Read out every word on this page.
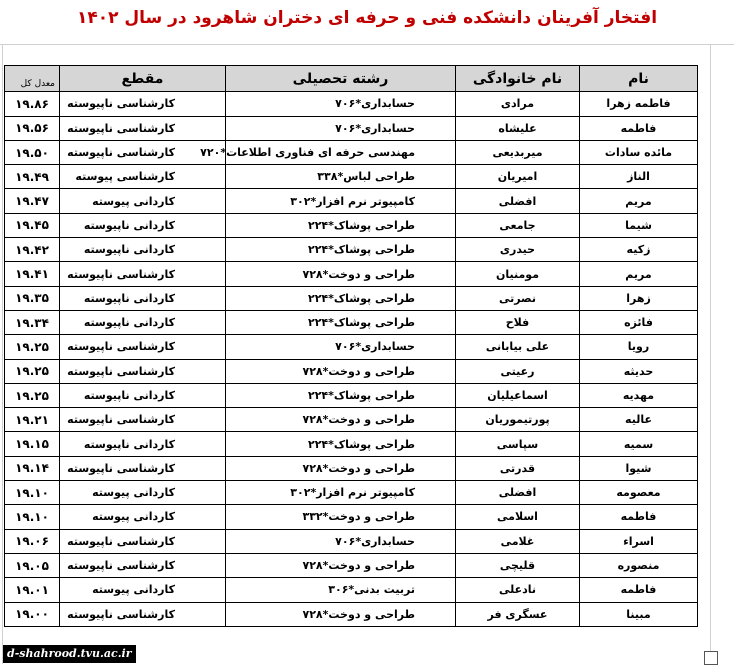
افتخار آفرینان دانشکده فنی و حرفه ای دختران شاهرود در سال ۱۴۰۲
نام	نام خانوادگی	رشته تحصیلی	مقطع	معدل کل
فاطمه زهرا	مرادی	حسابداری*۷۰۶	کارشناسی ناپیوسته	۱۹.۸۶
فاطمه	علیشاه	حسابداری*۷۰۶	کارشناسی ناپیوسته	۱۹.۵۶
مائده سادات	میربدیعی	مهندسی حرفه ای فناوری اطلاعات*۷۲۰	کارشناسی ناپیوسته	۱۹.۵۰
الناز	امیریان	طراحی لباس*۳۳۸	کارشناسی پیوسته	۱۹.۴۹
مریم	افضلی	کامپیوتر نرم افزار*۳۰۲	کاردانی پیوسته	۱۹.۴۷
شیما	جامعی	طراحی پوشاک*۲۲۴	کاردانی ناپیوسته	۱۹.۴۵
زکیه	حیدری	طراحی پوشاک*۲۲۴	کاردانی ناپیوسته	۱۹.۴۲
مریم	مومنیان	طراحی و دوخت*۷۲۸	کارشناسی ناپیوسته	۱۹.۴۱
زهرا	نصرتی	طراحی پوشاک*۲۲۴	کاردانی ناپیوسته	۱۹.۳۵
فائزه	فلاح	طراحی پوشاک*۲۲۴	کاردانی ناپیوسته	۱۹.۳۴
رویا	علی بیابانی	حسابداری*۷۰۶	کارشناسی ناپیوسته	۱۹.۲۵
حدیثه	رعیتی	طراحی و دوخت*۷۲۸	کارشناسی ناپیوسته	۱۹.۲۵
مهدیه	اسماعیلیان	طراحی پوشاک*۲۲۴	کاردانی ناپیوسته	۱۹.۲۵
عالیه	پورتیموریان	طراحی و دوخت*۷۲۸	کارشناسی ناپیوسته	۱۹.۲۱
سمیه	سپاسی	طراحی پوشاک*۲۲۴	کاردانی ناپیوسته	۱۹.۱۵
شیوا	قدرتی	طراحی و دوخت*۷۲۸	کارشناسی ناپیوسته	۱۹.۱۴
معصومه	افضلی	کامپیوتر نرم افزار*۳۰۲	کاردانی پیوسته	۱۹.۱۰
فاطمه	اسلامی	طراحی و دوخت*۳۳۲	کاردانی پیوسته	۱۹.۱۰
اسراء	غلامی	حسابداری*۷۰۶	کارشناسی ناپیوسته	۱۹.۰۶
منصوره	قلیچی	طراحی و دوخت*۷۲۸	کارشناسی ناپیوسته	۱۹.۰۵
فاطمه	نادعلی	تربیت بدنی*۳۰۶	کاردانی پیوسته	۱۹.۰۱
مبینا	عسگری فر	طراحی و دوخت*۷۲۸	کارشناسی ناپیوسته	۱۹.۰۰
d-shahrood.tvu.ac.ir
